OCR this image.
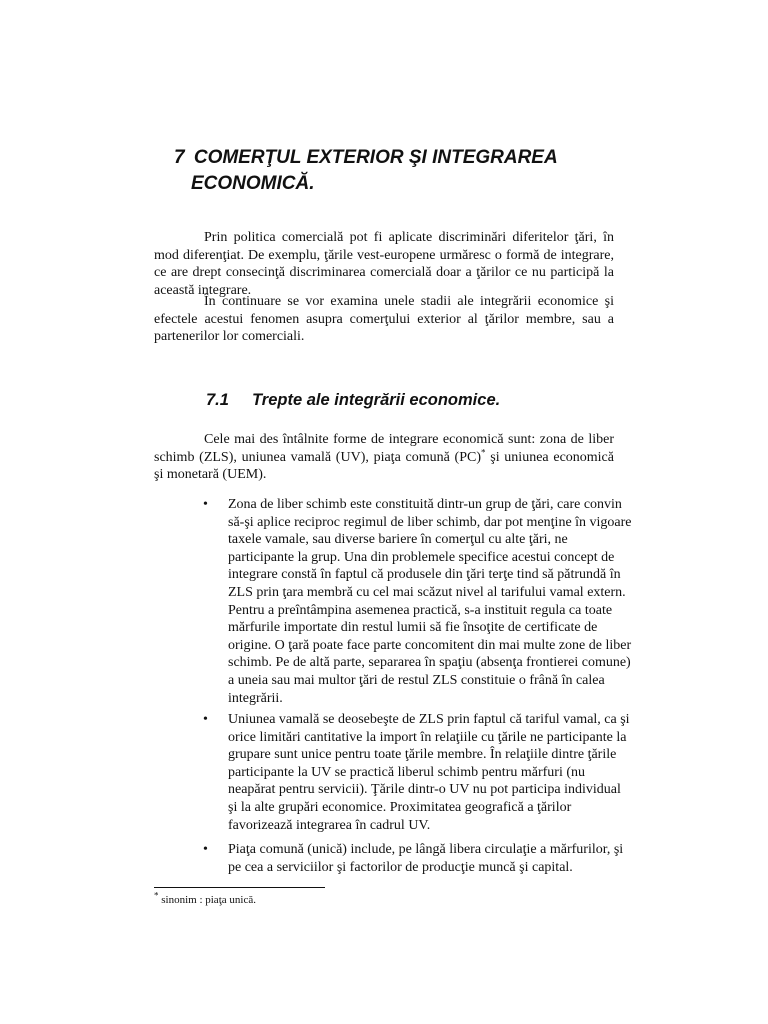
7 COMERŢUL EXTERIOR ŞI INTEGRAREA
ECONOMICĂ.

Prin politica comercială pot fi aplicate discriminări diferitelor ţări, în mod diferenţiat. De exemplu, ţările vest-europene urmăresc o formă de integrare, ce are drept consecinţă discriminarea comercială doar a ţărilor ce nu participă la această integrare.

În continuare se vor examina unele stadii ale integrării economice şi efectele acestui fenomen asupra comerţului exterior al ţărilor membre, sau a partenerilor lor comerciali.

7.1 Trepte ale integrării economice.

Cele mai des întâlnite forme de integrare economică sunt: zona de liber schimb (ZLS), uniunea vamală (UV), piaţa comună (PC)* şi uniunea economică şi monetară (UEM).

• Zona de liber schimb este constituită dintr-un grup de ţări, care convin să-şi aplice reciproc regimul de liber schimb, dar pot menţine în vigoare taxele vamale, sau diverse bariere în comerţul cu alte ţări, ne participante la grup. Una din problemele specifice acestui concept de integrare constă în faptul că produsele din ţări terţe tind să pătrundă în ZLS prin ţara membră cu cel mai scăzut nivel al tarifului vamal extern. Pentru a preîntâmpina asemenea practică, s-a instituit regula ca toate mărfurile importate din restul lumii să fie însoţite de certificate de origine. O ţară poate face parte concomitent din mai multe zone de liber schimb. Pe de altă parte, separarea în spaţiu (absenţa frontierei comune) a uneia sau mai multor ţări de restul ZLS constituie o frână în calea integrării.
• Uniunea vamală se deosebeşte de ZLS prin faptul că tariful vamal, ca şi orice limitări cantitative la import în relaţiile cu ţările ne participante la grupare sunt unice pentru toate ţările membre. În relaţiile dintre ţările participante la UV se practică liberul schimb pentru mărfuri (nu neapărat pentru servicii). Ţările dintr-o UV nu pot participa individual şi la alte grupări economice. Proximitatea geografică a ţărilor favorizează integrarea în cadrul UV.
• Piaţa comună (unică) include, pe lângă libera circulaţie a mărfurilor, şi pe cea a serviciilor şi factorilor de producţie muncă şi capital.
* sinonim : piaţa unică.
